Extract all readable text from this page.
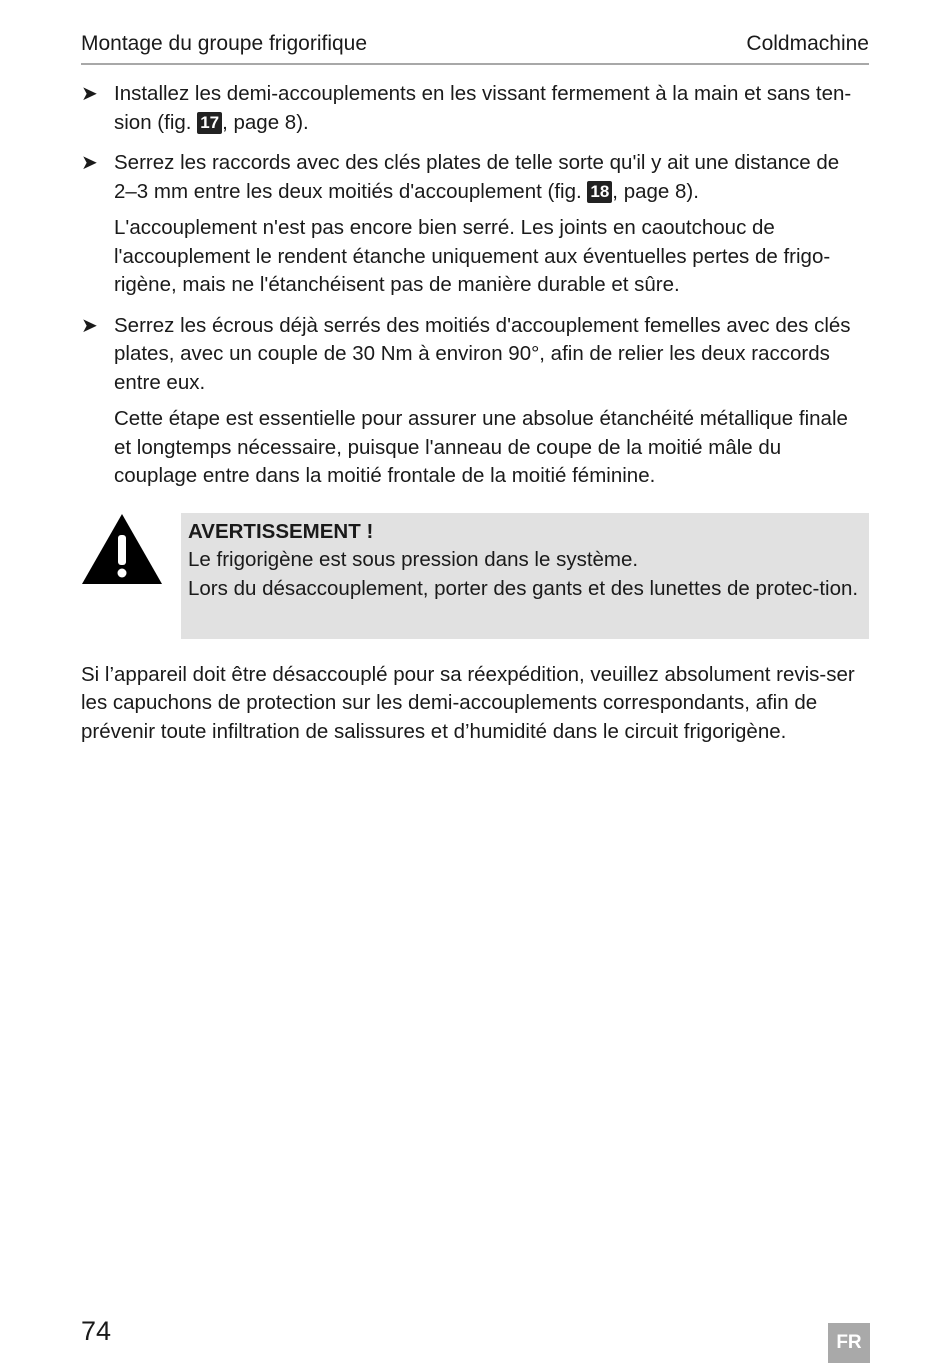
Montage du groupe frigorifique	Coldmachine
➤ Installez les demi-accouplements en les vissant fermement à la main et sans ten-
sion (fig. 17 , page 8).
➤ Serrez les raccords avec des clés plates de telle sorte qu'il y ait une distance de
2–3 mm entre les deux moitiés d'accouplement (fig. 18 , page 8).
L'accouplement n'est pas encore bien serré. Les joints en caoutchouc de l'accouplement le rendent étanche uniquement aux éventuelles pertes de frigo-rigène, mais ne l'étanchéisent pas de manière durable et sûre.
➤ Serrez les écrous déjà serrés des moitiés d'accouplement femelles avec des clés plates, avec un couple de 30 Nm à environ 90°, afin de relier les deux raccords entre eux.
Cette étape est essentielle pour assurer une absolue étanchéité métallique finale et longtemps nécessaire, puisque l'anneau de coupe de la moitié mâle du couplage entre dans la moitié frontale de la moitié féminine.
AVERTISSEMENT !
Le frigorigène est sous pression dans le système.
Lors du désaccouplement, porter des gants et des lunettes de protec-tion.
Si l’appareil doit être désaccouplé pour sa réexpédition, veuillez absolument revis-ser les capuchons de protection sur les demi-accouplements correspondants, afin de prévenir toute infiltration de salissures et d’humidité dans le circuit frigorigène.
74	FR
